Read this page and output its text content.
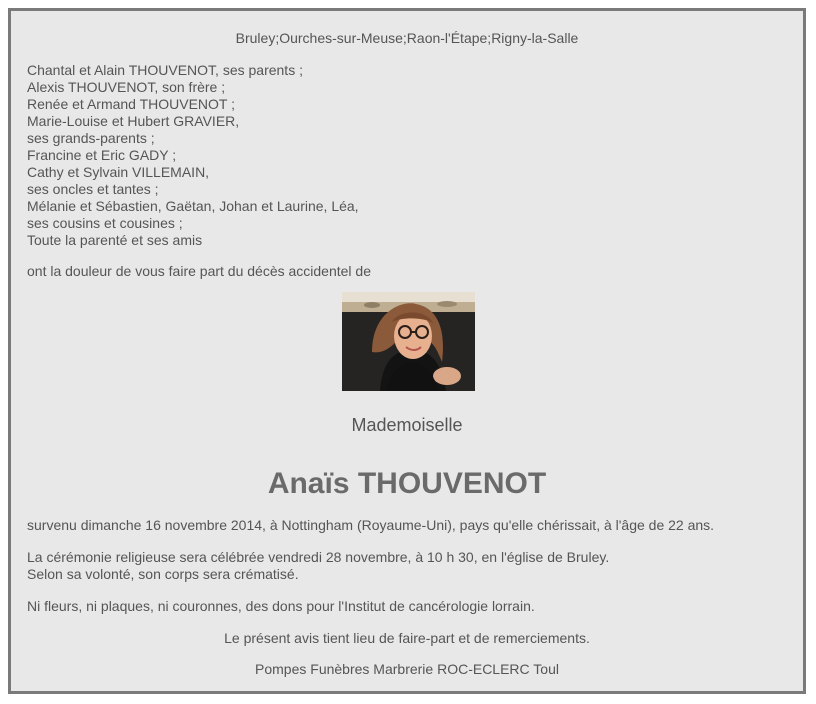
Bruley;Ourches-sur-Meuse;Raon-l'Étape;Rigny-la-Salle
Chantal et Alain THOUVENOT, ses parents ;
Alexis THOUVENOT, son frère ;
Renée et Armand THOUVENOT ;
Marie-Louise et Hubert GRAVIER,
ses grands-parents ;
Francine et Eric GADY ;
Cathy et Sylvain VILLEMAIN,
ses oncles et tantes ;
Mélanie et Sébastien, Gaëtan, Johan et Laurine, Léa,
ses cousins et cousines ;
Toute la parenté et ses amis
ont la douleur de vous faire part du décès accidentel de
Mademoiselle
Anaïs THOUVENOT
survenu dimanche 16 novembre 2014, à Nottingham (Royaume-Uni), pays qu'elle chérissait, à l'âge de 22 ans.
La cérémonie religieuse sera célébrée vendredi 28 novembre, à 10 h 30, en l'église de Bruley.
Selon sa volonté, son corps sera crématisé.
Ni fleurs, ni plaques, ni couronnes, des dons pour l'Institut de cancérologie lorrain.
Le présent avis tient lieu de faire-part et de remerciements.
Pompes Funèbres Marbrerie ROC-ECLERC Toul
